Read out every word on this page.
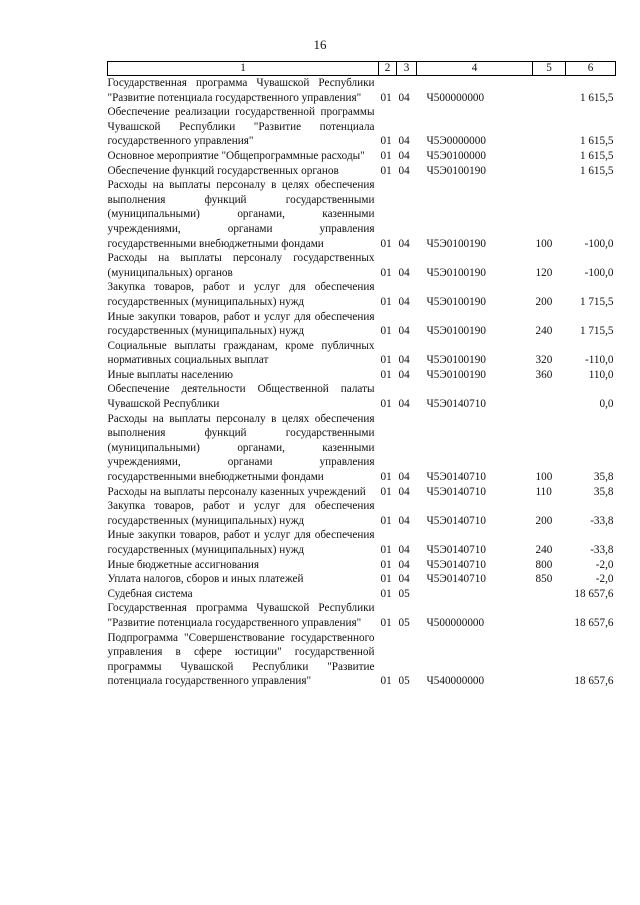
16
1	2	3	4	5	6
Государственная программа Чувашской Республики "Развитие потенциала государственного управления"	01	04	Ч500000000		1 615,5
Обеспечение реализации государственной программы Чувашской Республики "Развитие потенциала государственного управления"	01	04	Ч5Э0000000		1 615,5
Основное мероприятие "Общепрограммные расходы"	01	04	Ч5Э0100000		1 615,5
Обеспечение функций государственных органов	01	04	Ч5Э0100190		1 615,5
Расходы на выплаты персоналу в целях обеспечения выполнения функций государственными (муниципальными) органами, казенными учреждениями, органами управления государственными внебюджетными фондами	01	04	Ч5Э0100190	100	-100,0
Расходы на выплаты персоналу государственных (муниципальных) органов	01	04	Ч5Э0100190	120	-100,0
Закупка товаров, работ и услуг для обеспечения государственных (муниципальных) нужд	01	04	Ч5Э0100190	200	1 715,5
Иные закупки товаров, работ и услуг для обеспечения государственных (муниципальных) нужд	01	04	Ч5Э0100190	240	1 715,5
Социальные выплаты гражданам, кроме публичных нормативных социальных выплат	01	04	Ч5Э0100190	320	-110,0
Иные выплаты населению	01	04	Ч5Э0100190	360	110,0
Обеспечение деятельности Общественной палаты Чувашской Республики	01	04	Ч5Э0140710		0,0
Расходы на выплаты персоналу в целях обеспечения выполнения функций государственными (муниципальными) органами, казенными учреждениями, органами управления государственными внебюджетными фондами	01	04	Ч5Э0140710	100	35,8
Расходы на выплаты персоналу казенных учреждений	01	04	Ч5Э0140710	110	35,8
Закупка товаров, работ и услуг для обеспечения государственных (муниципальных) нужд	01	04	Ч5Э0140710	200	-33,8
Иные закупки товаров, работ и услуг для обеспечения государственных (муниципальных) нужд	01	04	Ч5Э0140710	240	-33,8
Иные бюджетные ассигнования	01	04	Ч5Э0140710	800	-2,0
Уплата налогов, сборов и иных платежей	01	04	Ч5Э0140710	850	-2,0
Судебная система	01	05			18 657,6
Государственная программа Чувашской Республики "Развитие потенциала государственного управления"	01	05	Ч500000000		18 657,6
Подпрограмма "Совершенствование государственного управления в сфере юстиции" государственной программы Чувашской Республики "Развитие потенциала государственного управления"	01	05	Ч540000000		18 657,6
